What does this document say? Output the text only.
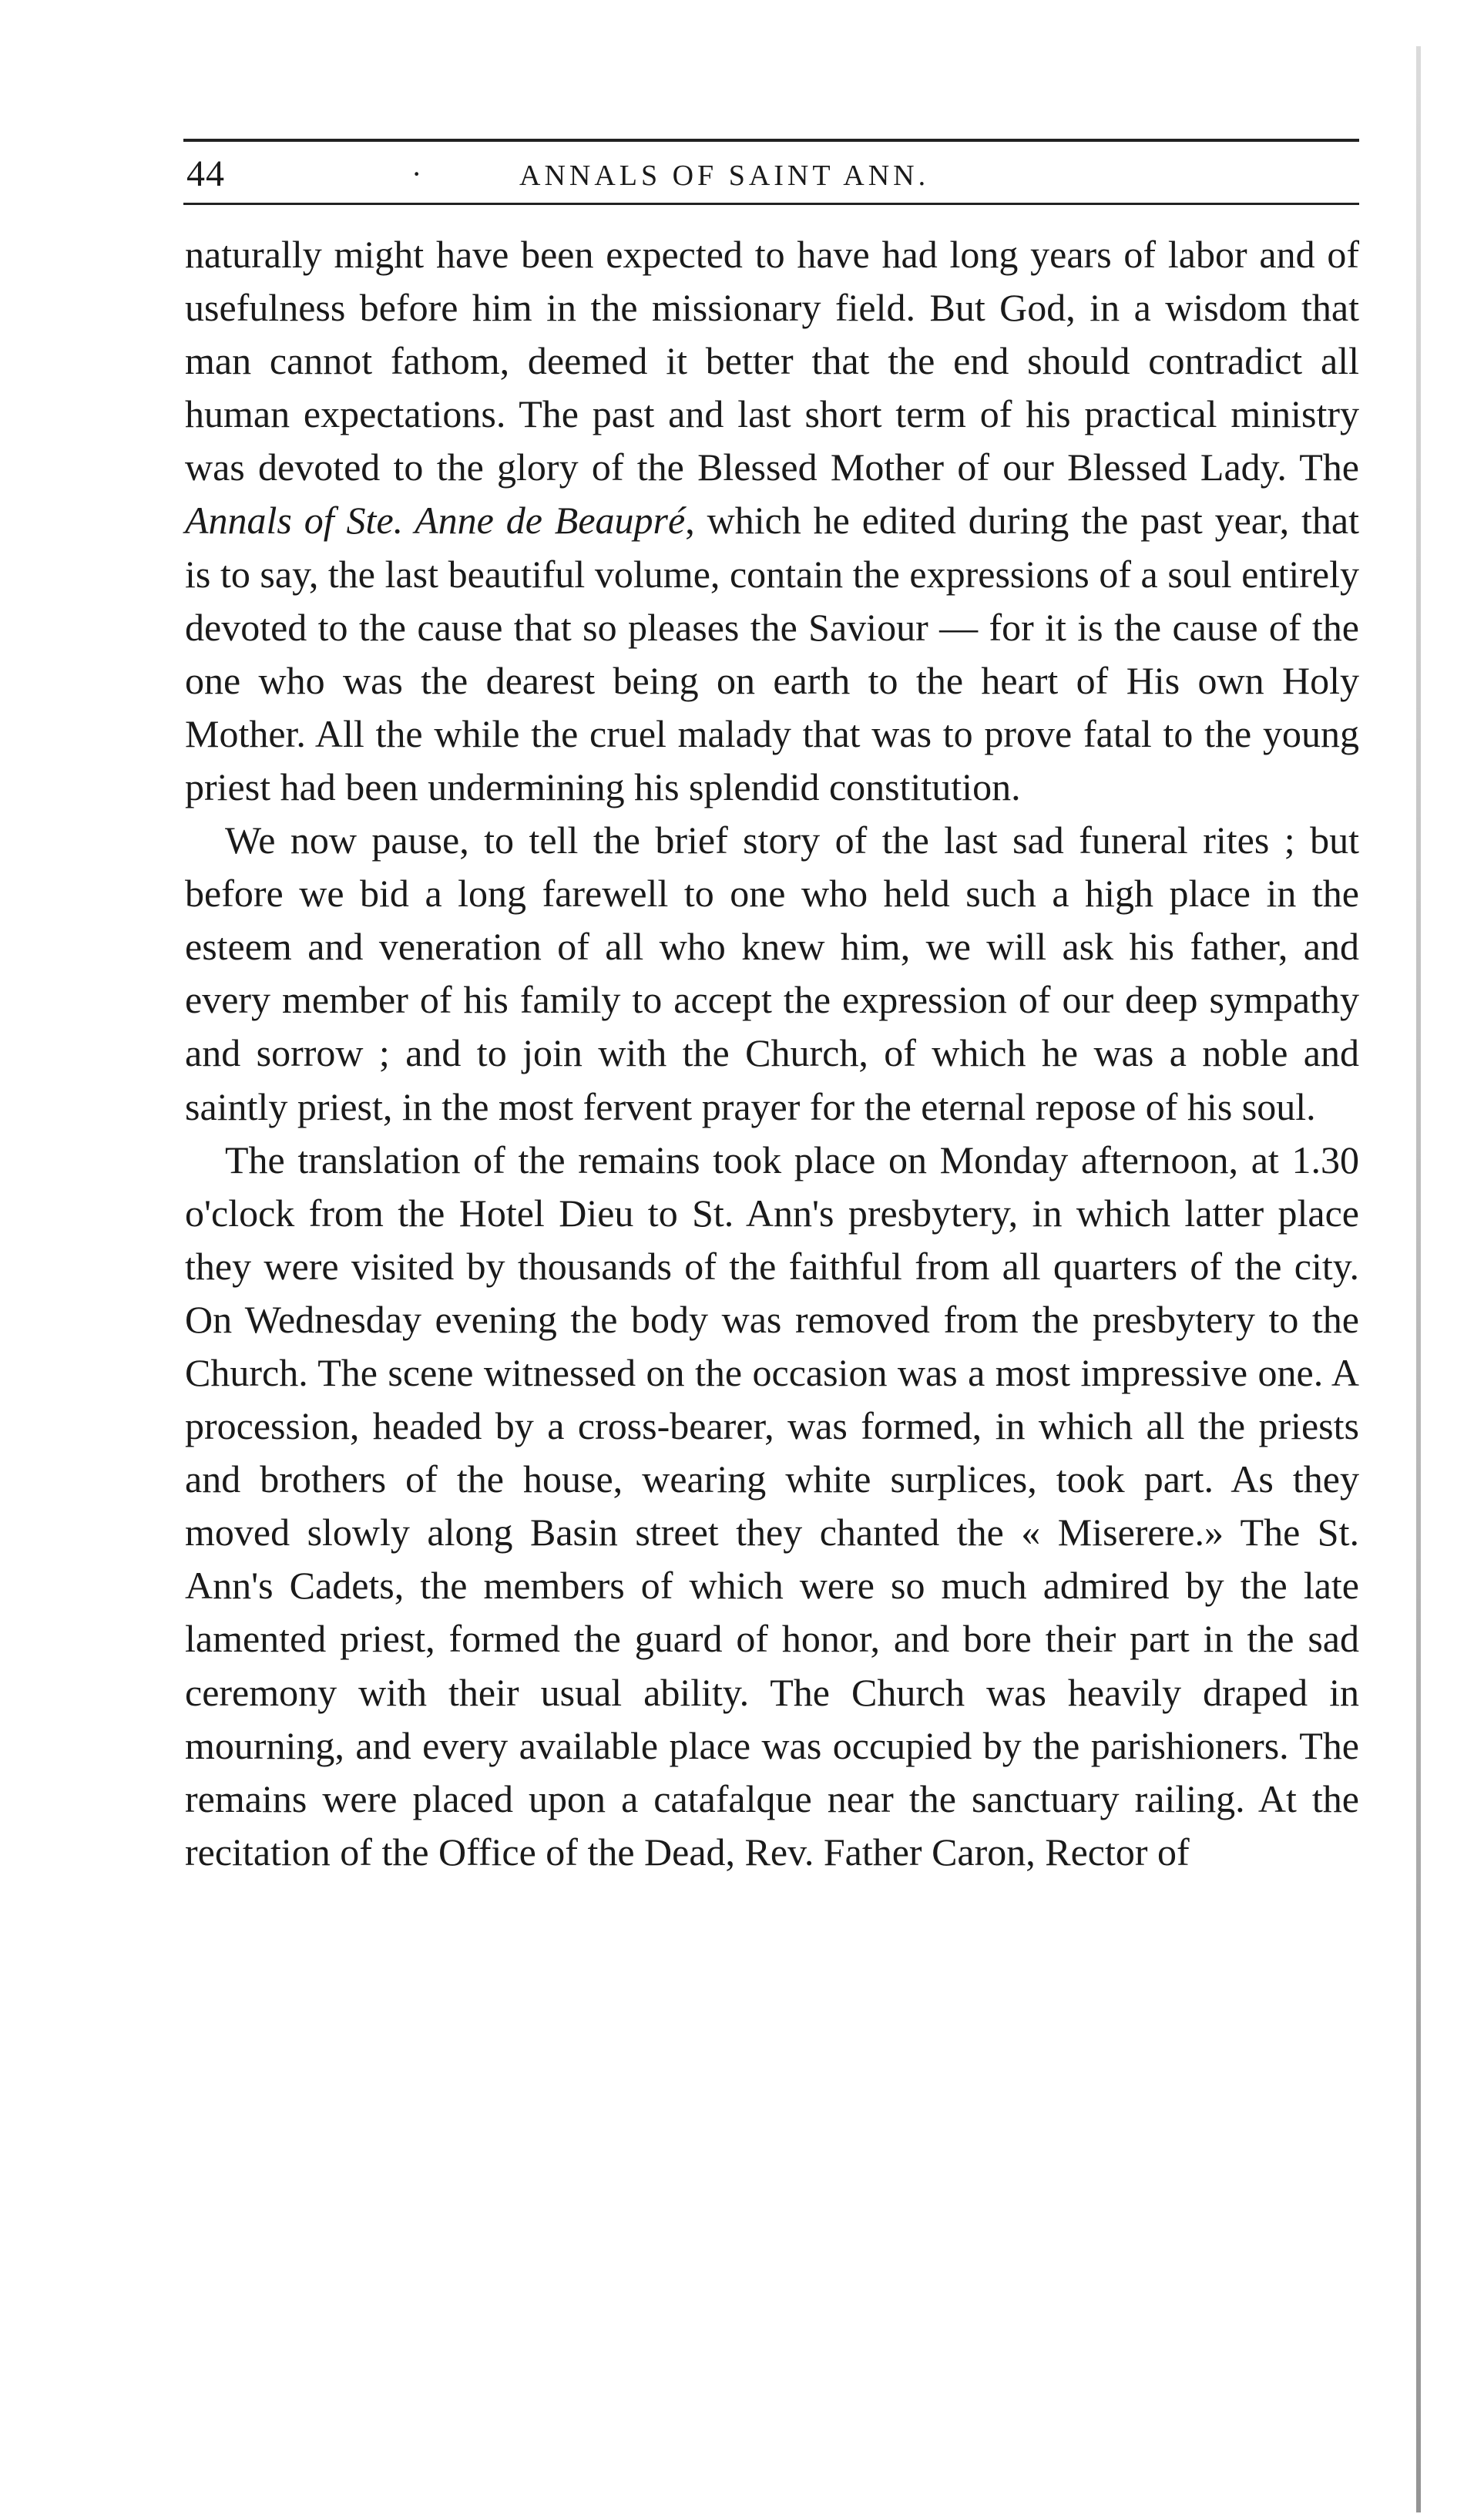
44	·	ANNALS OF SAINT ANN.

naturally might have been expected to have had long years of labor and of usefulness before him in the missionary field. But God, in a wisdom that man cannot fathom, deemed it better that the end should contradict all human expectations. The past and last short term of his practical ministry was devoted to the glory of the Blessed Mother of our Blessed Lady. The Annals of Ste. Anne de Beaupré, which he edited during the past year, that is to say, the last beautiful volume, contain the expressions of a soul entirely devoted to the cause that so pleases the Saviour — for it is the cause of the one who was the dearest being on earth to the heart of His own Holy Mother. All the while the cruel malady that was to prove fatal to the young priest had been undermining his splendid constitution.

We now pause, to tell the brief story of the last sad funeral rites ; but before we bid a long farewell to one who held such a high place in the esteem and veneration of all who knew him, we will ask his father, and every member of his family to accept the expression of our deep sympathy and sorrow ; and to join with the Church, of which he was a noble and saintly priest, in the most fervent prayer for the eternal repose of his soul.

The translation of the remains took place on Monday afternoon, at 1.30 o'clock from the Hotel Dieu to St. Ann's presbytery, in which latter place they were visited by thousands of the faithful from all quarters of the city. On Wednesday evening the body was removed from the presbytery to the Church. The scene witnessed on the occasion was a most impressive one. A procession, headed by a cross-bearer, was formed, in which all the priests and brothers of the house, wearing white surplices, took part. As they moved slowly along Basin street they chanted the « Miserere.» The St. Ann's Cadets, the members of which were so much admired by the late lamented priest, formed the guard of honor, and bore their part in the sad ceremony with their usual ability. The Church was heavily draped in mourning, and every available place was occupied by the parishioners. The remains were placed upon a catafalque near the sanctuary railing. At the recitation of the Office of the Dead, Rev. Father Caron, Rector of
